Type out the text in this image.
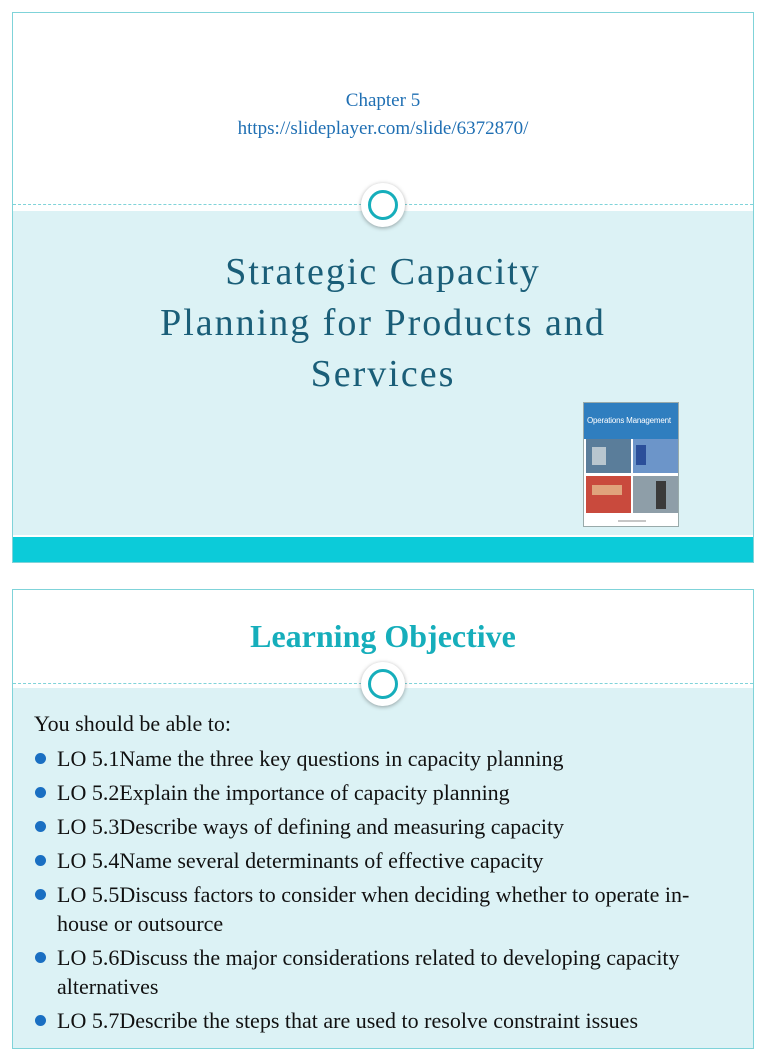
Chapter 5
https://slideplayer.com/slide/6372870/
Strategic Capacity
Planning for Products and
Services
Operations Management
Learning Objective
You should be able to:
LO 5.1Name the three key questions in capacity planning
LO 5.2Explain the importance of capacity planning
LO 5.3Describe ways of defining and measuring capacity
LO 5.4Name several determinants of effective capacity
LO 5.5Discuss factors to consider when deciding whether to operate in-house or outsource
LO 5.6Discuss the major considerations related to developing capacity alternatives
LO 5.7Describe the steps that are used to resolve constraint issues
